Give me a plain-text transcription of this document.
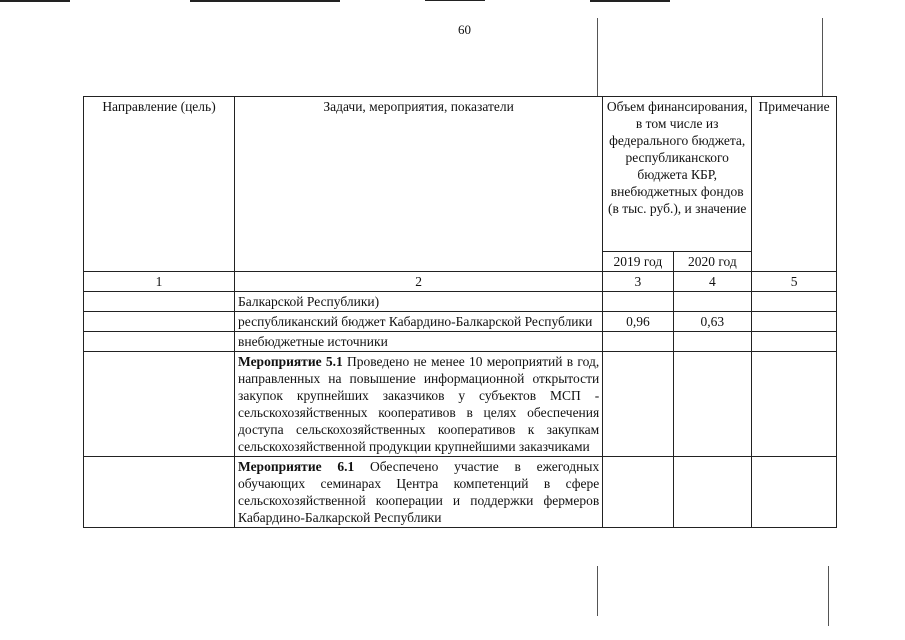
60
Направление (цель)	Задачи, мероприятия, показатели	Объем финансирования, в том числе из федерального бюджета, республиканского бюджета КБР, внебюджетных фондов (в тыс. руб.), и значение		Примечание
		2019 год	2020 год	
1	2	3	4	5
	Балкарской Республики)			
	республиканский бюджет Кабардино-Балкарской Республики	0,96	0,63	
	внебюджетные источники			
	Мероприятие 5.1 Проведено не менее 10 мероприятий в год, направленных на повышение информационной открытости закупок крупнейших заказчиков у субъектов МСП - сельскохозяйственных кооперативов в целях обеспечения доступа сельскохозяйственных кооперативов к закупкам сельскохозяйственной продукции крупнейшими заказчиками			
	Мероприятие 6.1 Обеспечено участие в ежегодных обучающих семинарах Центра компетенций в сфере сельскохозяйственной кооперации и поддержки фермеров Кабардино-Балкарской Республики			
